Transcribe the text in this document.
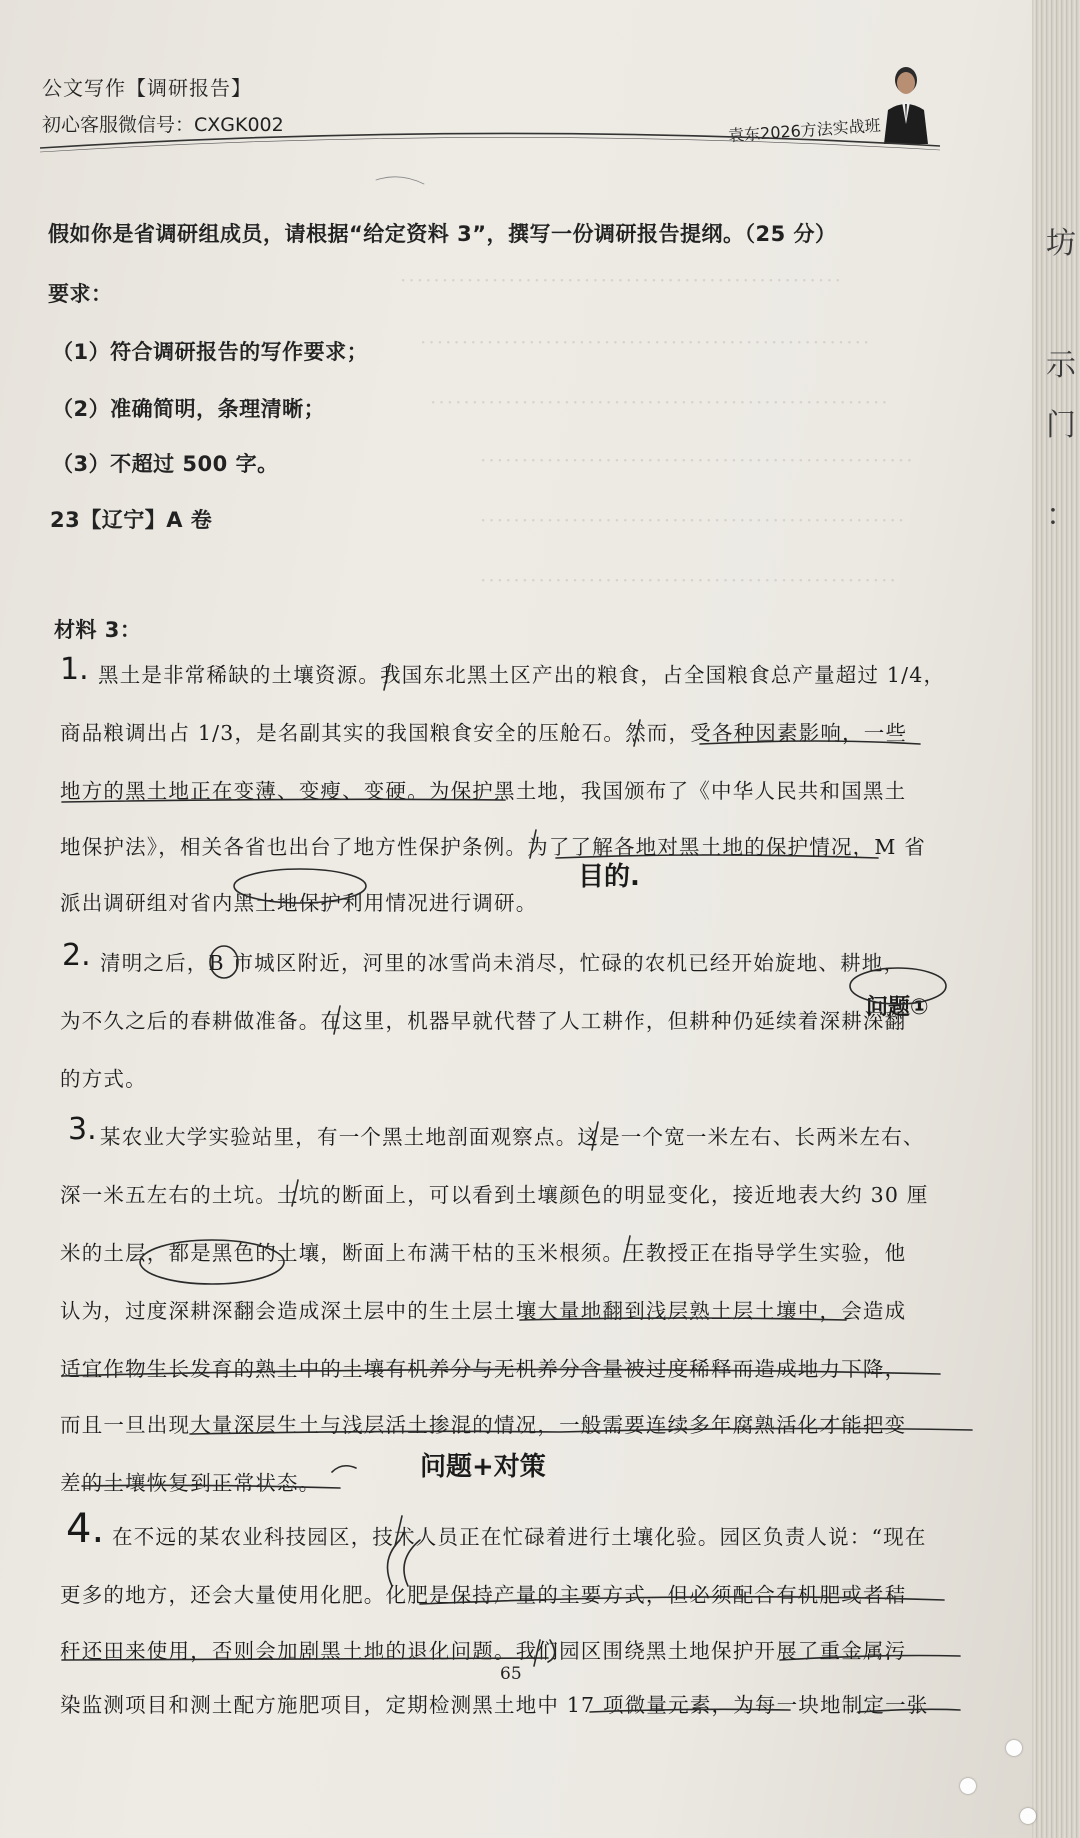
坊
示
门
：
公文写作【调研报告】
初心客服微信号：CXGK002	袁东2026方法实战班
·····················································
······················································
·······················································
····················································
···················································
··················································
假如你是省调研组成员，请根据“给定资料 3”，撰写一份调研报告提纲。（25 分）
要求：
（1）符合调研报告的写作要求；
（2）准确简明，条理清晰；
（3）不超过 500 字。
23【辽宁】A 卷
材料 3：
黑土是非常稀缺的土壤资源。我国东北黑土区产出的粮食，占全国粮食总产量超过 1/4，
商品粮调出占 1/3，是名副其实的我国粮食安全的压舱石。然而，受各种因素影响，一些
地方的黑土地正在变薄、变瘦、变硬。为保护黑土地，我国颁布了《中华人民共和国黑土
地保护法》，相关各省也出台了地方性保护条例。为了了解各地对黑土地的保护情况，M 省
派出调研组对省内黑土地保护利用情况进行调研。
清明之后，B 市城区附近，河里的冰雪尚未消尽，忙碌的农机已经开始旋地、耕地，
为不久之后的春耕做准备。在这里，机器早就代替了人工耕作，但耕种仍延续着深耕深翻
的方式。
某农业大学实验站里，有一个黑土地剖面观察点。这是一个宽一米左右、长两米左右、
深一米五左右的土坑。土坑的断面上，可以看到土壤颜色的明显变化，接近地表大约 30 厘
米的土层，都是黑色的土壤，断面上布满干枯的玉米根须。王教授正在指导学生实验，他
认为，过度深耕深翻会造成深土层中的生土层土壤大量地翻到浅层熟土层土壤中，会造成
适宜作物生长发育的熟土中的土壤有机养分与无机养分含量被过度稀释而造成地力下降，
而且一旦出现大量深层生土与浅层活土掺混的情况，一般需要连续多年腐熟活化才能把变
差的土壤恢复到正常状态。
在不远的某农业科技园区，技术人员正在忙碌着进行土壤化验。园区负责人说：“现在
更多的地方，还会大量使用化肥。化肥是保持产量的主要方式，但必须配合有机肥或者秸
秆还田来使用，否则会加剧黑土地的退化问题。我们园区围绕黑土地保护开展了重金属污
染监测项目和测土配方施肥项目，定期检测黑土地中 17 项微量元素，为每一块地制定一张
1.
2.
3.
4.
目的.
问题①
问题+对策
65
